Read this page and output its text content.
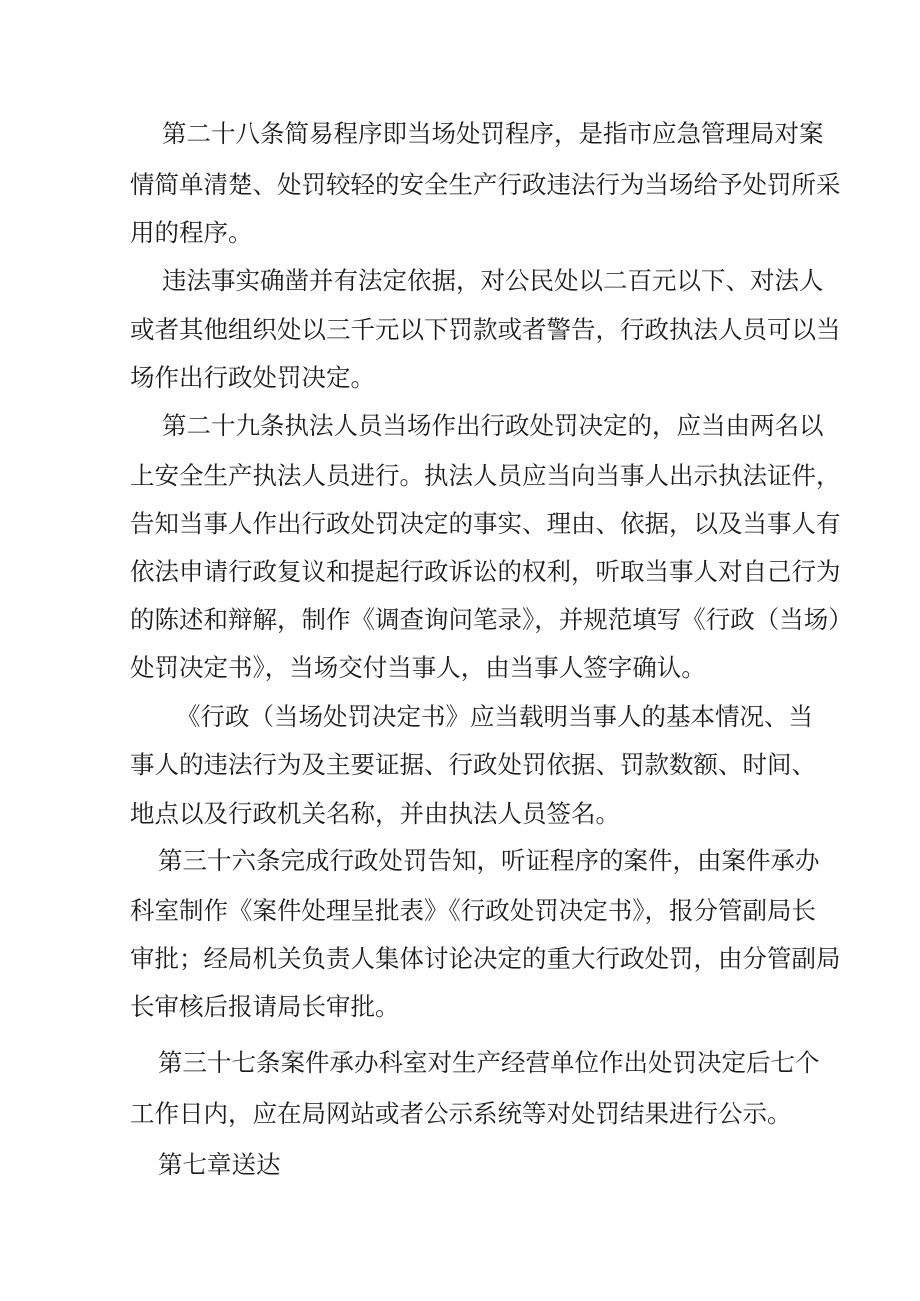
第二十八条简易程序即当场处罚程序，是指市应急管理局对案
情简单清楚、处罚较轻的安全生产行政违法行为当场给予处罚所采
用的程序。
违法事实确凿并有法定依据，对公民处以二百元以下、对法人
或者其他组织处以三千元以下罚款或者警告，行政执法人员可以当
场作出行政处罚决定。
第二十九条执法人员当场作出行政处罚决定的，应当由两名以
上安全生产执法人员进行。执法人员应当向当事人出示执法证件，
告知当事人作出行政处罚决定的事实、理由、依据，以及当事人有
依法申请行政复议和提起行政诉讼的权利，听取当事人对自己行为
的陈述和辩解，制作《调查询问笔录》，并规范填写《行政（当场）
处罚决定书》，当场交付当事人，由当事人签字确认。
《行政（当场处罚决定书》应当载明当事人的基本情况、当
事人的违法行为及主要证据、行政处罚依据、罚款数额、时间、
地点以及行政机关名称，并由执法人员签名。
第三十六条完成行政处罚告知，听证程序的案件，由案件承办
科室制作《案件处理呈批表》《行政处罚决定书》，报分管副局长
审批；经局机关负责人集体讨论决定的重大行政处罚，由分管副局
长审核后报请局长审批。
第三十七条案件承办科室对生产经营单位作出处罚决定后七个
工作日内，应在局网站或者公示系统等对处罚结果进行公示。
第七章送达
